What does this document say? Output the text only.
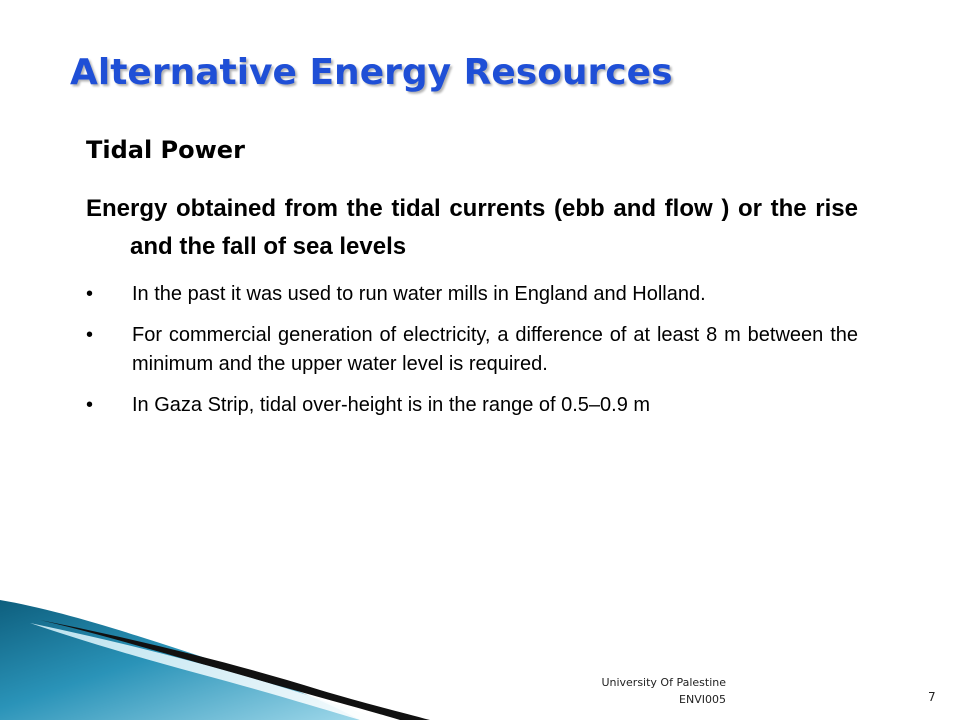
Alternative Energy Resources
Tidal Power

Energy obtained from the tidal currents (ebb and flow ) or the rise and the fall of sea levels

•	In the past it was used to run water mills in England and Holland.
•	For commercial generation of electricity, a difference of at least 8 m between the minimum and the upper water level is required.
•	In Gaza Strip, tidal over-height is in the range of 0.5–0.9 m
University Of Palestine
ENVI005	7
